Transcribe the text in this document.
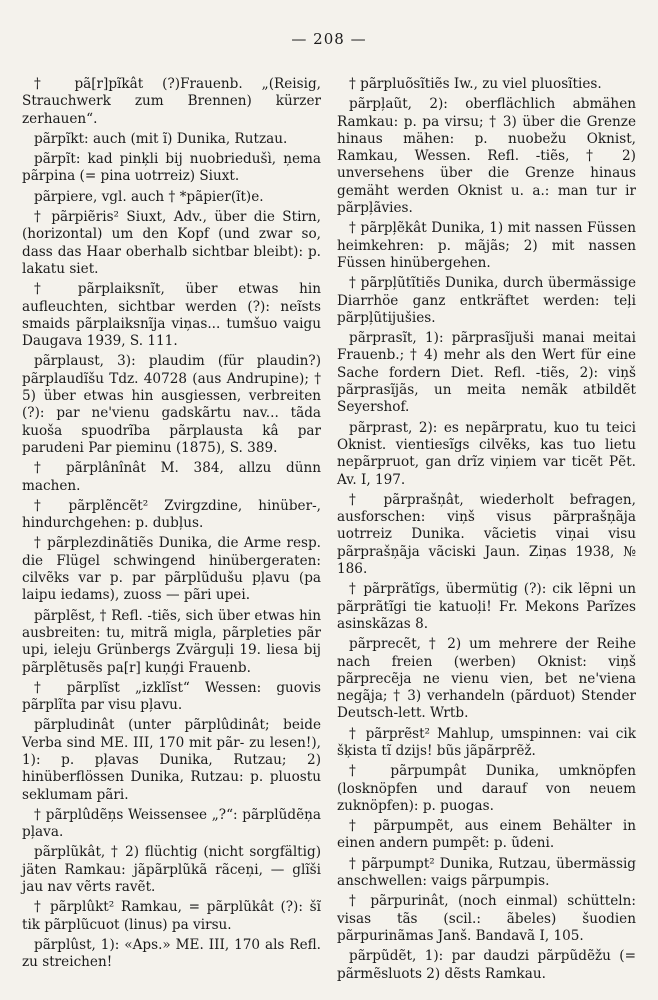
— 208 —

† pã[r]pĩkât (?)Frauenb. „(Reisig, Strauchwerk zum Brennen) kürzer zerhauen“.

pãrpĩkt: auch (mit ĩ) Dunika, Rutzau.

pãrpĩt: kad pinķli bij nuobriedušì, ņema pãrpina (= pina uotrreiz) Siuxt.

pãrpiere, vgl. auch † *pãpier(ĩt)e.

† pãrpiẽris² Siuxt, Adv., über die Stirn, (horizontal) um den Kopf (und zwar so, dass das Haar oberhalb sichtbar bleibt): p. lakatu siet.

† pãrplaiksnĩt, über etwas hin aufleuchten, sichtbar werden (?): neĩsts smaids pãrplaiksnĩja viņas... tumšuo vaigu Daugava 1939, S. 111.

pãrplaust, 3): plaudim (für plaudin?) pãrplaudĩšu Tdz. 40728 (aus Andrupine); † 5) über etwas hin ausgiessen, verbreiten (?): par ne'vienu gadskãrtu nav... tãda kuoša spuodrĩba pãrplausta kâ par parudeni Par pieminu (1875), S. 389.

† pãrplânînât M. 384, allzu dünn machen.

† pãrplẽncẽt² Zvirgzdine, hinüber-, hindurchgehen: p. dubļus.

† pãrplezdinãtiẽs Dunika, die Arme resp. die Flügel schwingend hinübergeraten: cilvẽks var p. par pãrplũdušu pļavu (pa laipu iedams), zuoss — pãri upei.

pãrplẽst, † Refl. -tiẽs, sich über etwas hin ausbreiten: tu, mitrã migla, pãrpleties pãr upi, ieleju Grünbergs Zvärguļi 19. liesa bij pãrplẽtusẽs pa[r] kuņģi Frauenb.

† pãrplĩst „izklĩst“ Wessen: guovis pãrplĩta par visu pļavu.

pãrpludinât (unter pãrplûdinât; beide Verba sind ME. III, 170 mit pãr- zu lesen!), 1): p. pļavas Dunika, Rutzau; 2) hinüberflössen Dunika, Rutzau: p. pluostu seklumam pãri.

† pãrplûdẽņs Weissensee „?“: pãrplũdẽņa pļava.

pãrplũkât, † 2) flüchtig (nicht sorgfältig) jäten Ramkau: jãpãrplũkã rãceņi, — glĩši jau nav vẽrts ravẽt.

† pãrplûkt² Ramkau, = pãrplũkât (?): šĩ tik pãrplũcuot (linus) pa virsu.

pãrplûst, 1): «Aps.» ME. III, 170 als Refl. zu streichen!

† pãrpluõsĩtiẽs Iw., zu viel pluosĩties.

pãrpļaũt, 2): oberflächlich abmähen Ramkau: p. pa virsu; † 3) über die Grenze hinaus mähen: p. nuobežu Oknist, Ramkau, Wessen. Refl. -tiẽs, † 2) unversehens über die Grenze hinaus gemäht werden Oknist u. a.: man tur ir pãrpļãvies.

† pãrpļẽkât Dunika, 1) mit nassen Füssen heimkehren: p. mãjãs; 2) mit nassen Füssen hinübergehen.

† pãrpļũtĩtiẽs Dunika, durch übermässige Diarrhöe ganz entkräftet werden: teļi pãrpļũtijušies.

pãrprasĩt, 1): pãrprasĩjuši manai meitai Frauenb.; † 4) mehr als den Wert für eine Sache fordern Diet. Refl. -tiẽs, 2): viņš pãrprasĩjãs, un meita nemãk atbildẽt Seyershof.

pãrprast, 2): es nepãrpratu, kuo tu teici Oknist. vientiesĩgs cilvẽks, kas tuo lietu nepãrpruot, gan drĩz viņiem var ticẽt Pẽt. Av. I, 197.

† pãrprašņât, wiederholt befragen, ausforschen: viņš visus pãrprašņãja uotrreiz Dunika. vãcietis viņai visu pãrprašņãja vãciski Jaun. Ziņas 1938, № 186.

† pãrprãtĩgs, übermütig (?): cik lẽpni un pãrprãtĩgi tie katuoļi! Fr. Mekons Parĩzes asinskãzas 8.

pãrprecẽt, † 2) um mehrere der Reihe nach freien (werben) Oknist: viņš pãrprecẽja ne vienu vien, bet ne'viena negãja; † 3) verhandeln (pãrduot) Stender Deutsch-lett. Wrtb.

† pãrprẽst² Mahlup, umspinnen: vai cik šķista tĩ dzijs! bũs jãpãrprẽž.

† pãrpumpât Dunika, umknöpfen (losknöpfen und darauf von neuem zuknöpfen): p. puogas.

† pãrpumpẽt, aus einem Behälter in einen andern pumpẽt: p. ũdeni.

† pãrpumpt² Dunika, Rutzau, übermässig anschwellen: vaigs pãrpumpis.

† pãrpurinât, (noch einmal) schütteln: visas tãs (scil.: ãbeles) šuodien pãrpurinãmas Janš. Bandavã I, 105.

pãrpũdẽt, 1): par daudzi pãrpũdẽžu (= pãrmẽsluots 2) dẽsts Ramkau.
